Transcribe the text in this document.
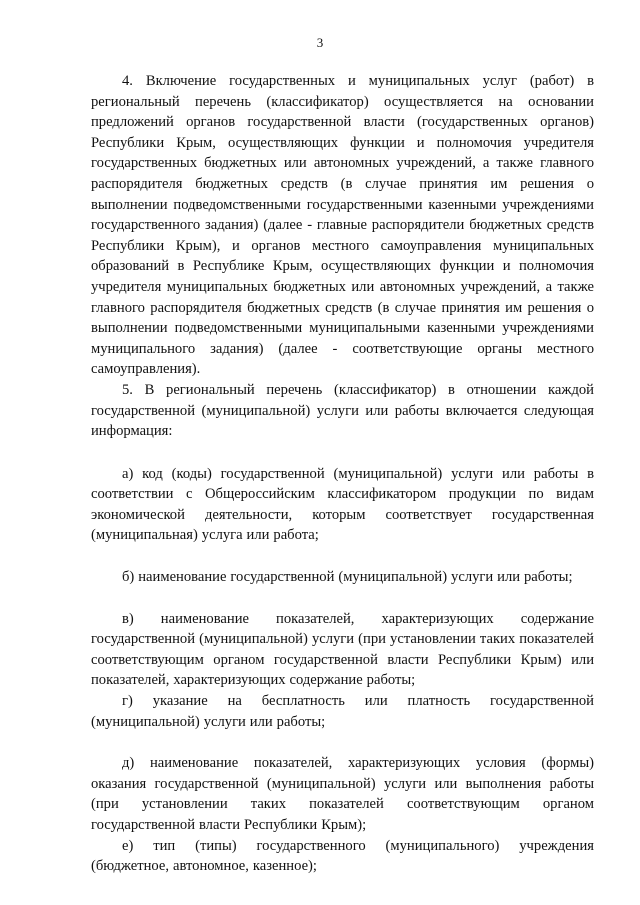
3

4. Включение государственных и муниципальных услуг (работ) в региональный перечень (классификатор) осуществляется на основании предложений органов государственной власти (государственных органов) Республики Крым, осуществляющих функции и полномочия учредителя государственных бюджетных или автономных учреждений, а также главного распорядителя бюджетных средств (в случае принятия им решения о выполнении подведомственными государственными казенными учреждениями государственного задания) (далее - главные распорядители бюджетных средств Республики Крым), и органов местного самоуправления муниципальных образований в Республике Крым, осуществляющих функции и полномочия учредителя муниципальных бюджетных или автономных учреждений, а также главного распорядителя бюджетных средств (в случае принятия им решения о выполнении подведомственными муниципальными казенными учреждениями муниципального задания) (далее - соответствующие органы местного самоуправления).

5. В региональный перечень (классификатор) в отношении каждой государственной (муниципальной) услуги или работы включается следующая информация:

а) код (коды) государственной (муниципальной) услуги или работы в соответствии с Общероссийским классификатором продукции по видам экономической деятельности, которым соответствует государственная (муниципальная) услуга или работа;

б) наименование государственной (муниципальной) услуги или работы;

в) наименование показателей, характеризующих содержание государственной (муниципальной) услуги (при установлении таких показателей соответствующим органом государственной власти Республики Крым) или показателей, характеризующих содержание работы;

г) указание на бесплатность или платность государственной (муниципальной) услуги или работы;

д) наименование показателей, характеризующих условия (формы) оказания государственной (муниципальной) услуги или выполнения работы (при установлении таких показателей соответствующим органом государственной власти Республики Крым);

е) тип (типы) государственного (муниципального) учреждения (бюджетное, автономное, казенное);
